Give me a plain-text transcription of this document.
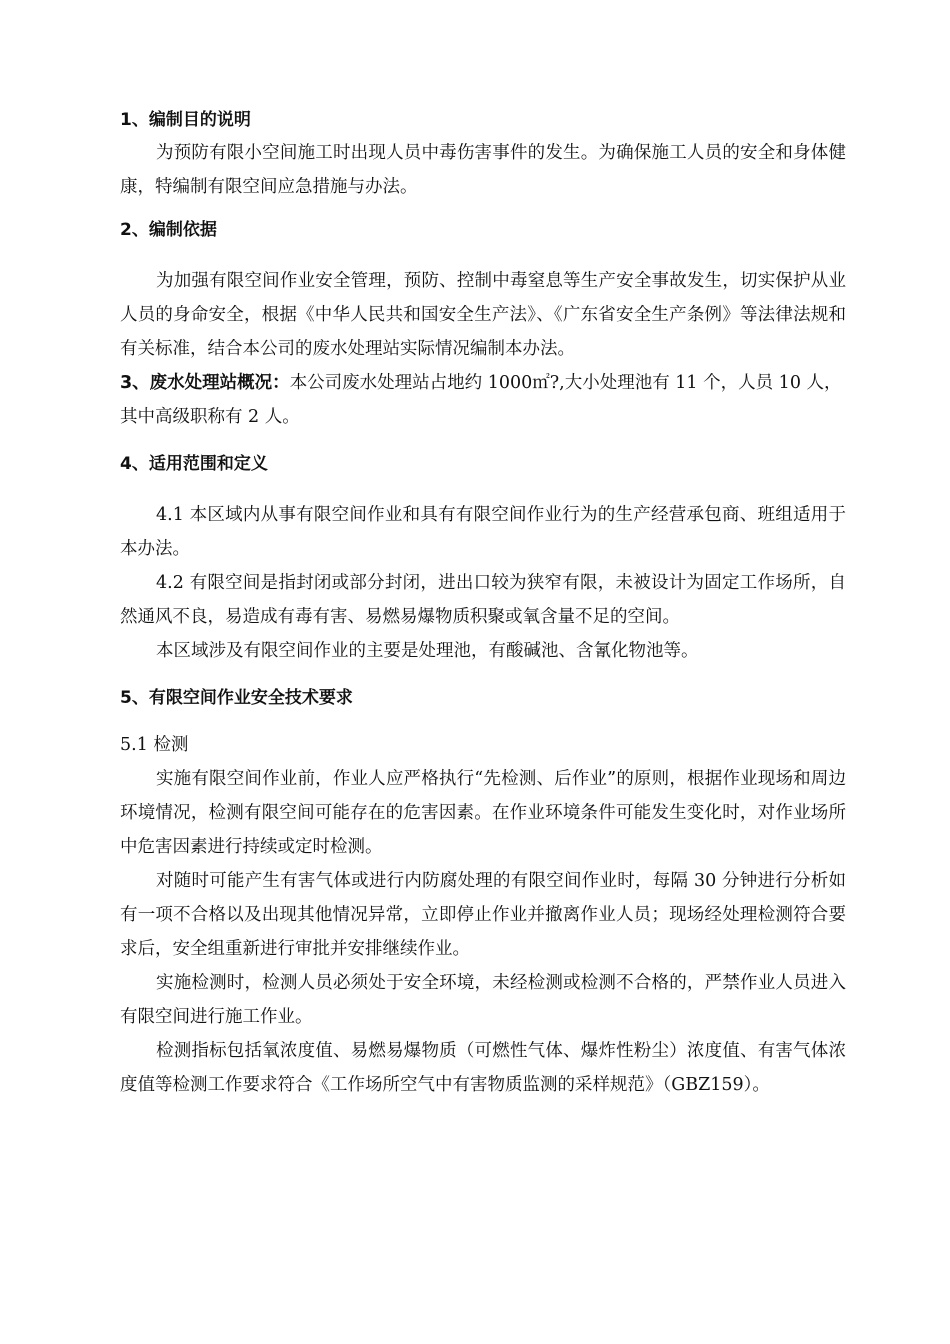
1、编制目的说明

为预防有限小空间施工时出现人员中毒伤害事件的发生。为确保施工人员的安全和身体健康，特编制有限空间应急措施与办法。

2、编制依据

为加强有限空间作业安全管理，预防、控制中毒窒息等生产安全事故发生，切实保护从业人员的身命安全，根据《中华人民共和国安全生产法》、《广东省安全生产条例》等法律法规和有关标准，结合本公司的废水处理站实际情况编制本办法。

3、废水处理站概况：本公司废水处理站占地约 1000㎡?,大小处理池有 11 个，人员 10 人，其中高级职称有 2 人。

4、适用范围和定义

4.1 本区域内从事有限空间作业和具有有限空间作业行为的生产经营承包商、班组适用于本办法。

4.2 有限空间是指封闭或部分封闭，进出口较为狭窄有限，未被设计为固定工作场所，自然通风不良，易造成有毒有害、易燃易爆物质积聚或氧含量不足的空间。

本区域涉及有限空间作业的主要是处理池，有酸碱池、含氰化物池等。

5、有限空间作业安全技术要求

5.1 检测

实施有限空间作业前，作业人应严格执行“先检测、后作业”的原则，根据作业现场和周边环境情况，检测有限空间可能存在的危害因素。在作业环境条件可能发生变化时，对作业场所中危害因素进行持续或定时检测。

对随时可能产生有害气体或进行内防腐处理的有限空间作业时，每隔 30 分钟进行分析如有一项不合格以及出现其他情况异常，立即停止作业并撤离作业人员；现场经处理检测符合要求后，安全组重新进行审批并安排继续作业。

实施检测时，检测人员必须处于安全环境，未经检测或检测不合格的，严禁作业人员进入有限空间进行施工作业。

检测指标包括氧浓度值、易燃易爆物质（可燃性气体、爆炸性粉尘）浓度值、有害气体浓度值等检测工作要求符合《工作场所空气中有害物质监测的采样规范》（GBZ159）。
